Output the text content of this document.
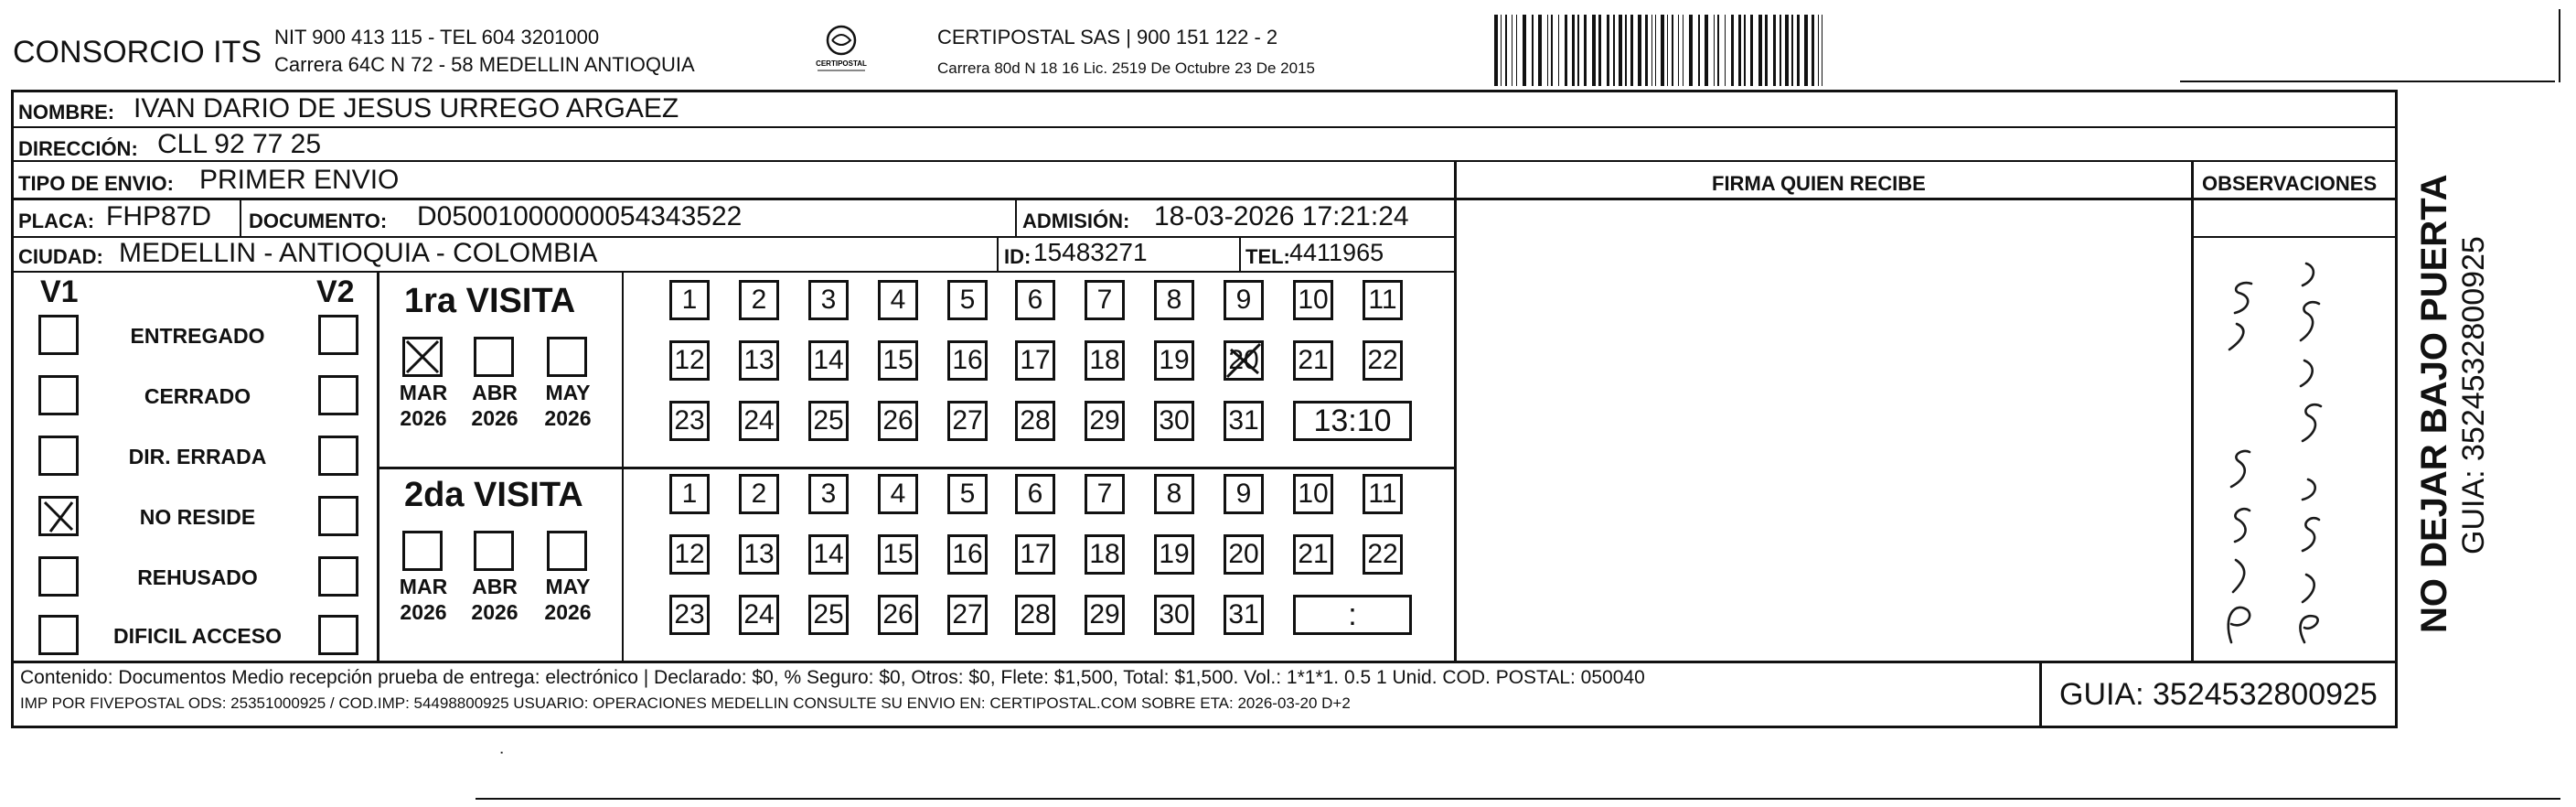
CONSORCIO ITS NIT 900 413 115 - TEL 604 3201000
Carrera 64C N 72 - 58 MEDELLIN ANTIOQUIA	CERTIPOSTAL
CERTIPOSTAL SAS | 900 151 122 - 2
Carrera 80d N 18 16 Lic. 2519 De Octubre 23 De 2015
NOMBRE: IVAN DARIO DE JESUS URREGO ARGAEZ
DIRECCIÓN: CLL 92 77 25
TIPO DE ENVIO: PRIMER ENVIO	FIRMA QUIEN RECIBE	OBSERVACIONES
PLACA: FHP87D DOCUMENTO: D05001000000054343522	ADMISIÓN: 18-03-2026 17:21:24
CIUDAD: MEDELLIN - ANTIOQUIA - COLOMBIA	ID: 15483271	TEL: 4411965
V1	V2
ENTREGADO
CERRADO
DIR. ERRADA
NO RESIDE
REHUSADO
DIFICIL ACCESO
1ra VISITA
MAR
2026
ABR
2026
MAY
2026
1	2	3	4	5	6	7	8	9	10 11
12 13 14 15 16 17 18 19 20 21 22
23 24 25 26 27 28 29 30 31	13:10
2da VISITA
MAR
2026
ABR
2026
MAY
2026
1	2	3	4	5	6	7	8	9	10 11
12 13 14 15 16 17 18 19 20 21 22
23 24 25 26 27 28 29 30 31	:
Contenido: Documentos Medio recepción prueba de entrega: electrónico | Declarado: $0, % Seguro: $0, Otros: $0, Flete: $1,500, Total: $1,500. Vol.: 1*1*1. 0.5 1 Unid. COD. POSTAL: 050040
IMP POR FIVEPOSTAL ODS: 25351000925 / COD.IMP: 54498800925 USUARIO: OPERACIONES MEDELLIN CONSULTE SU ENVIO EN: CERTIPOSTAL.COM SOBRE ETA: 2026-03-20 D+2	GUIA: 3524532800925
NO DEJAR BAJO PUERTA GUIA: 3524532800925
˙
